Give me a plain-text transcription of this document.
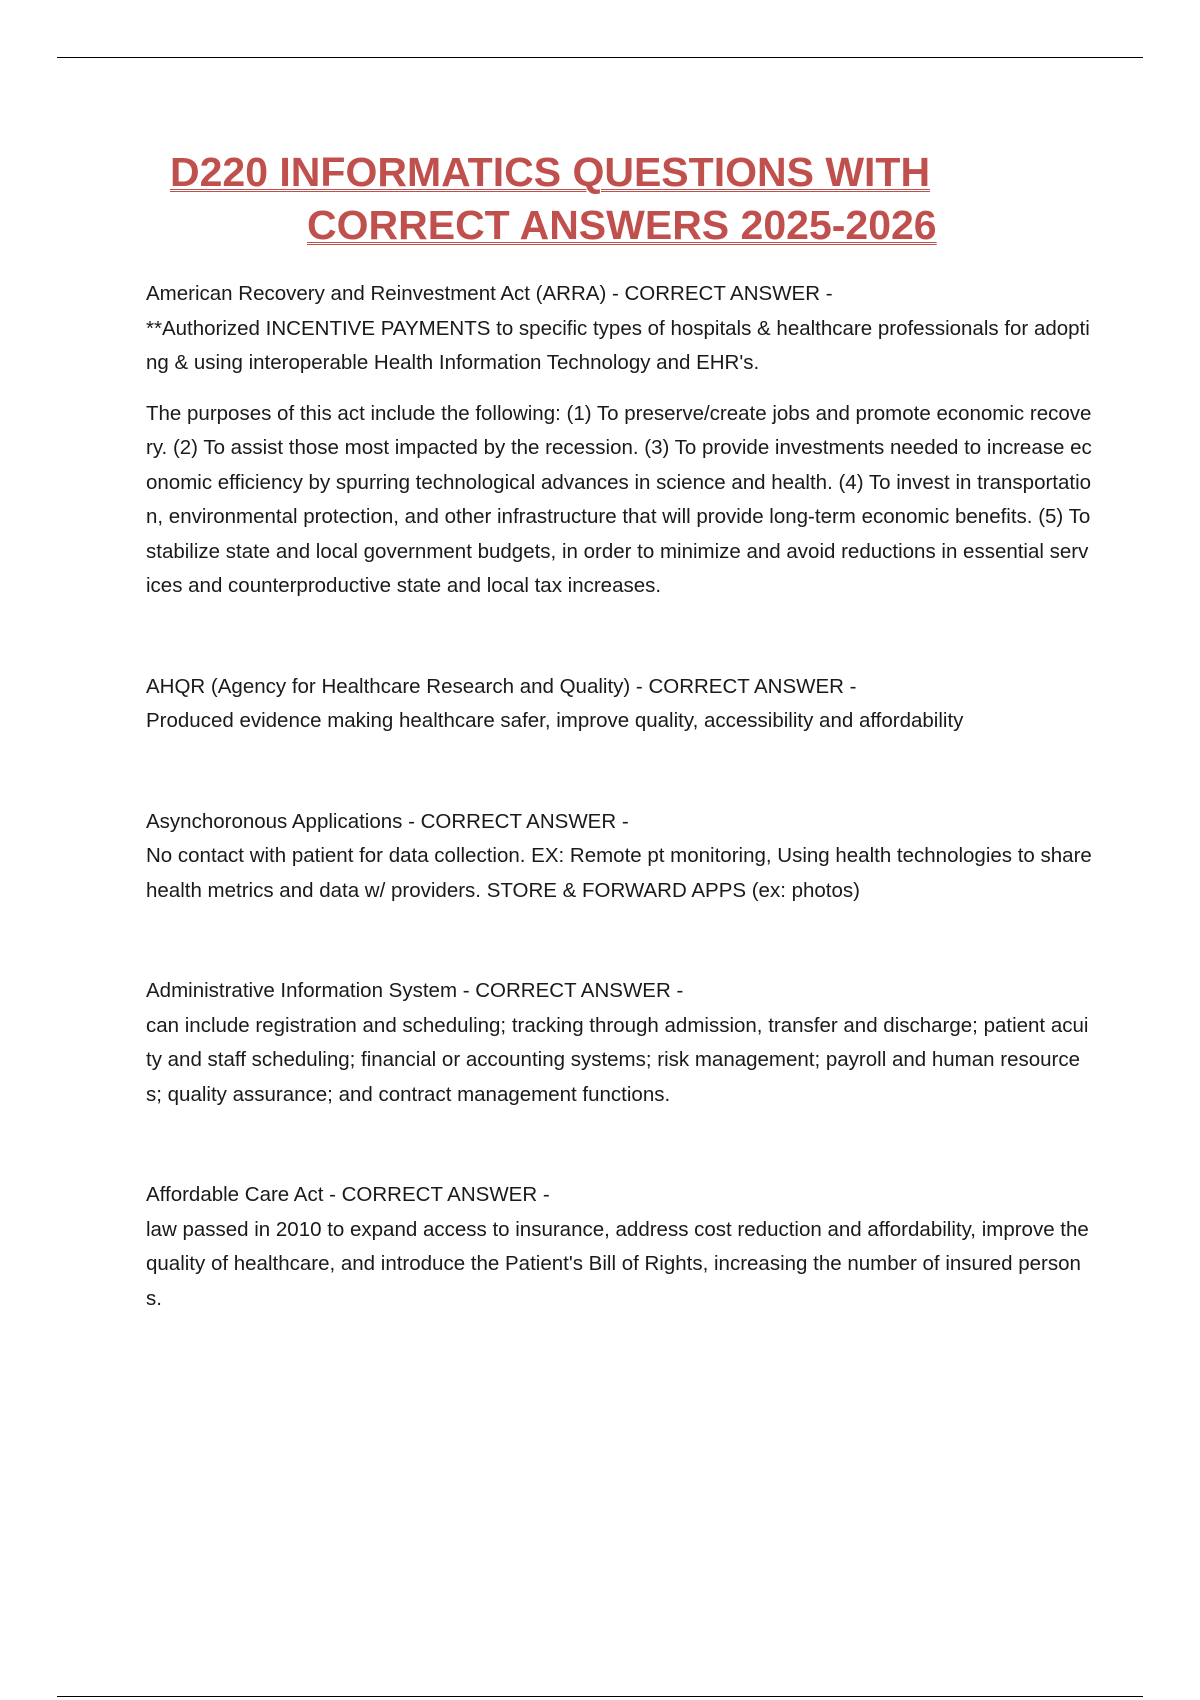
D220 INFORMATICS QUESTIONS WITH
CORRECT ANSWERS 2025-2026

American Recovery and Reinvestment Act (ARRA) - CORRECT ANSWER -

**Authorized INCENTIVE PAYMENTS to specific types of hospitals & healthcare professionals for adopting & using interoperable Health Information Technology and EHR's.

The purposes of this act include the following: (1) To preserve/create jobs and promote economic recovery. (2) To assist those most impacted by the recession. (3) To provide investments needed to increase economic efficiency by spurring technological advances in science and health. (4) To invest in transportation, environmental protection, and other infrastructure that will provide long-term economic benefits. (5) To stabilize state and local government budgets, in order to minimize and avoid reductions in essential services and counterproductive state and local tax increases.

AHQR (Agency for Healthcare Research and Quality) - CORRECT ANSWER -

Produced evidence making healthcare safer, improve quality, accessibility and affordability

Asynchoronous Applications - CORRECT ANSWER -

No contact with patient for data collection. EX: Remote pt monitoring, Using health technologies to share health metrics and data w/ providers. STORE & FORWARD APPS (ex: photos)

Administrative Information System - CORRECT ANSWER -

can include registration and scheduling; tracking through admission, transfer and discharge; patient acuity and staff scheduling; financial or accounting systems; risk management; payroll and human resources; quality assurance; and contract management functions.

Affordable Care Act - CORRECT ANSWER -

law passed in 2010 to expand access to insurance, address cost reduction and affordability, improve the quality of healthcare, and introduce the Patient's Bill of Rights, increasing the number of insured persons.
